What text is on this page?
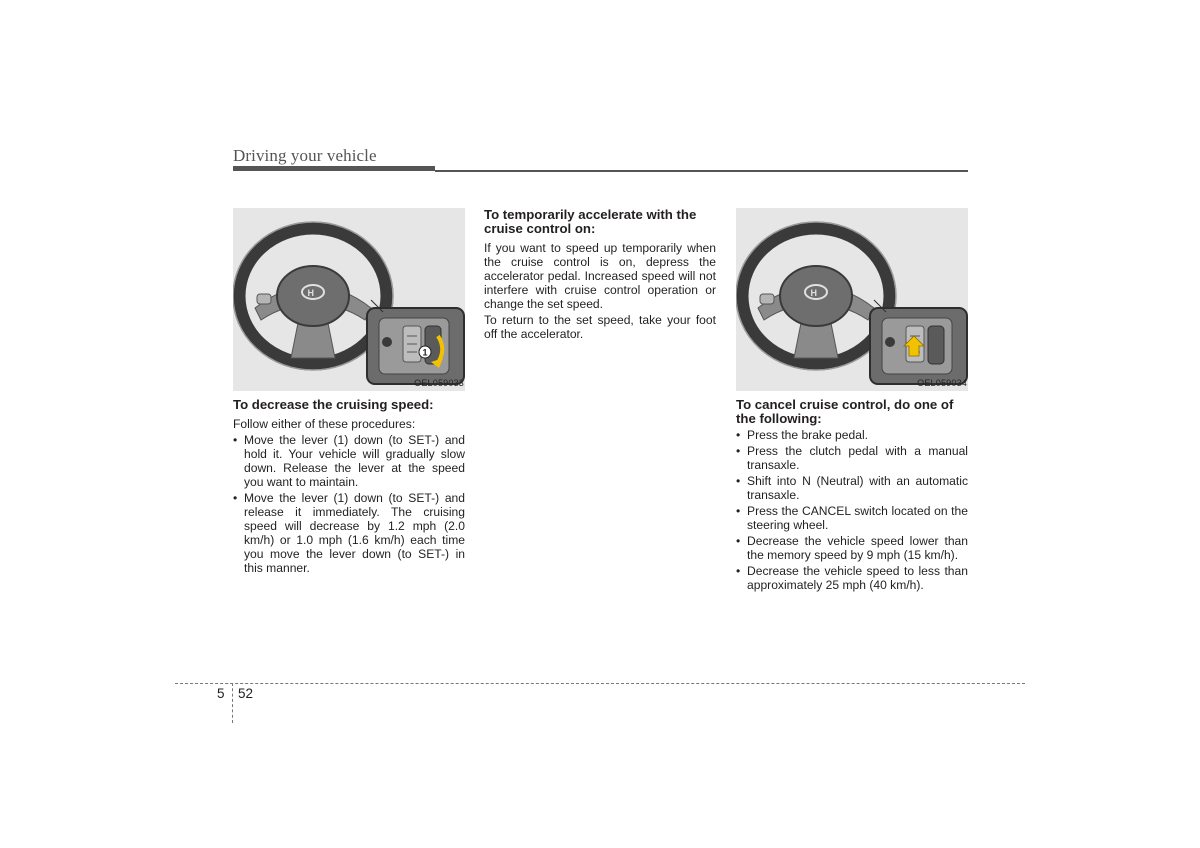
Driving your vehicle
H
1
OEL059033
To decrease the cruising speed:

Follow either of these procedures:

• Move the lever (1) down (to SET-) and hold it. Your vehicle will gradually slow down. Release the lever at the speed you want to maintain.
• Move the lever (1) down (to SET-) and release it immediately. The cruising speed will decrease by 1.2 mph (2.0 km/h) or 1.0 mph (1.6 km/h) each time you move the lever down (to SET-) in this manner.
To temporarily accelerate with the cruise control on:

If you want to speed up temporarily when the cruise control is on, depress the accelerator pedal. Increased speed will not interfere with cruise control operation or change the set speed.

To return to the set speed, take your foot off the accelerator.

H
OEL059034
To cancel cruise control, do one of the following:
• Press the brake pedal.
• Press the clutch pedal with a manual transaxle.
• Shift into N (Neutral) with an automatic transaxle.
• Press the CANCEL switch located on the steering wheel.
• Decrease the vehicle speed lower than the memory speed by 9 mph (15 km/h).
• Decrease the vehicle speed to less than approximately 25 mph (40 km/h).
5 52
